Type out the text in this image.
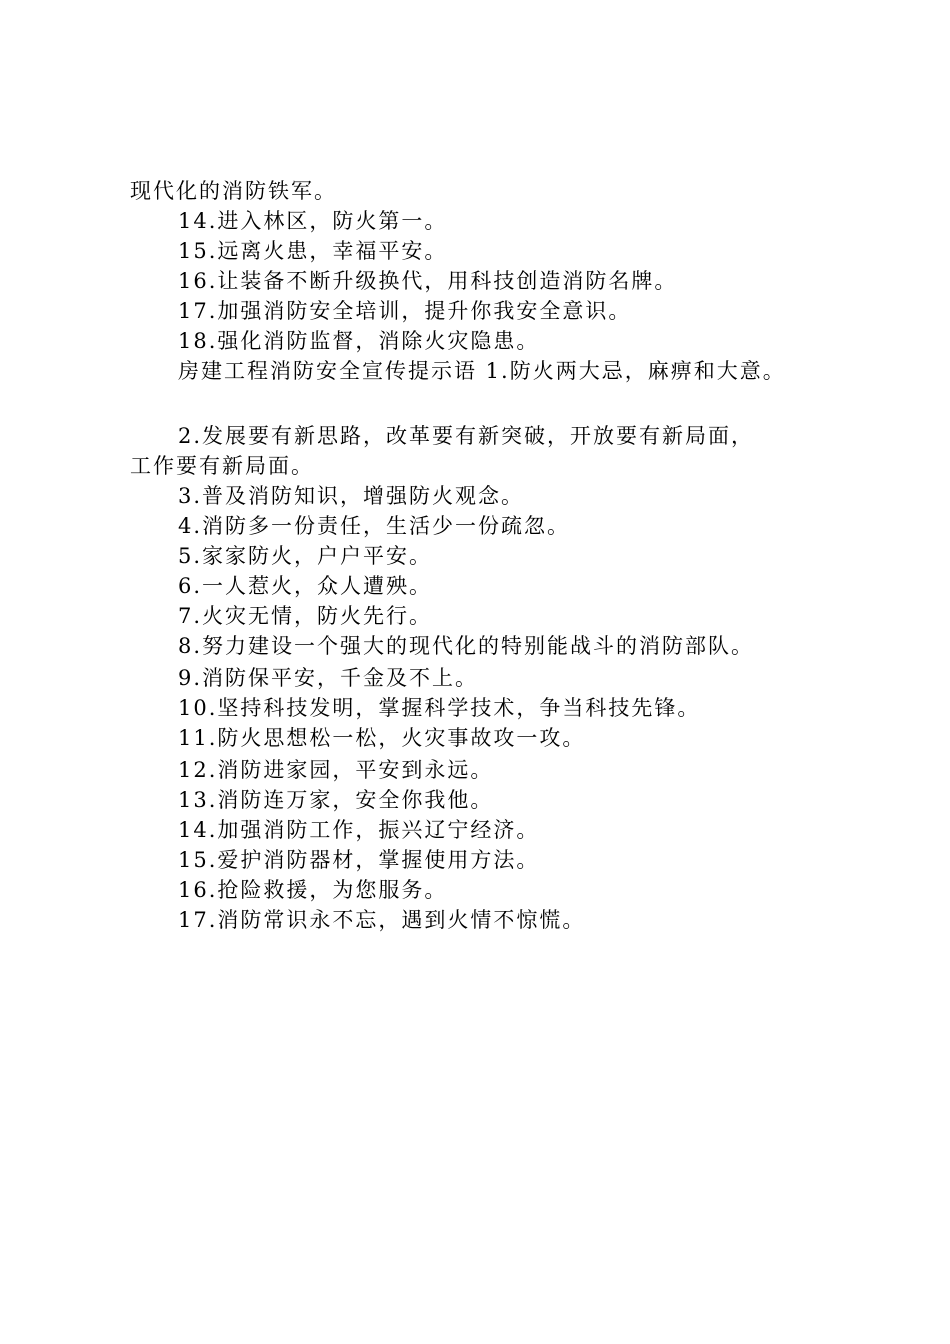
现代化的消防铁军。
14.进入林区，防火第一。
15.远离火患，幸福平安。
16.让装备不断升级换代，用科技创造消防名牌。
17.加强消防安全培训，提升你我安全意识。
18.强化消防监督，消除火灾隐患。
房建工程消防安全宣传提示语 1.防火两大忌，麻痹和大意。
2.发展要有新思路，改革要有新突破，开放要有新局面，
工作要有新局面。
3.普及消防知识，增强防火观念。
4.消防多一份责任，生活少一份疏忽。
5.家家防火，户户平安。
6.一人惹火，众人遭殃。
7.火灾无情，防火先行。
8.努力建设一个强大的现代化的特别能战斗的消防部队。
9.消防保平安，千金及不上。
10.坚持科技发明，掌握科学技术，争当科技先锋。
11.防火思想松一松，火灾事故攻一攻。
12.消防进家园，平安到永远。
13.消防连万家，安全你我他。
14.加强消防工作，振兴辽宁经济。
15.爱护消防器材，掌握使用方法。
16.抢险救援，为您服务。
17.消防常识永不忘，遇到火情不惊慌。
